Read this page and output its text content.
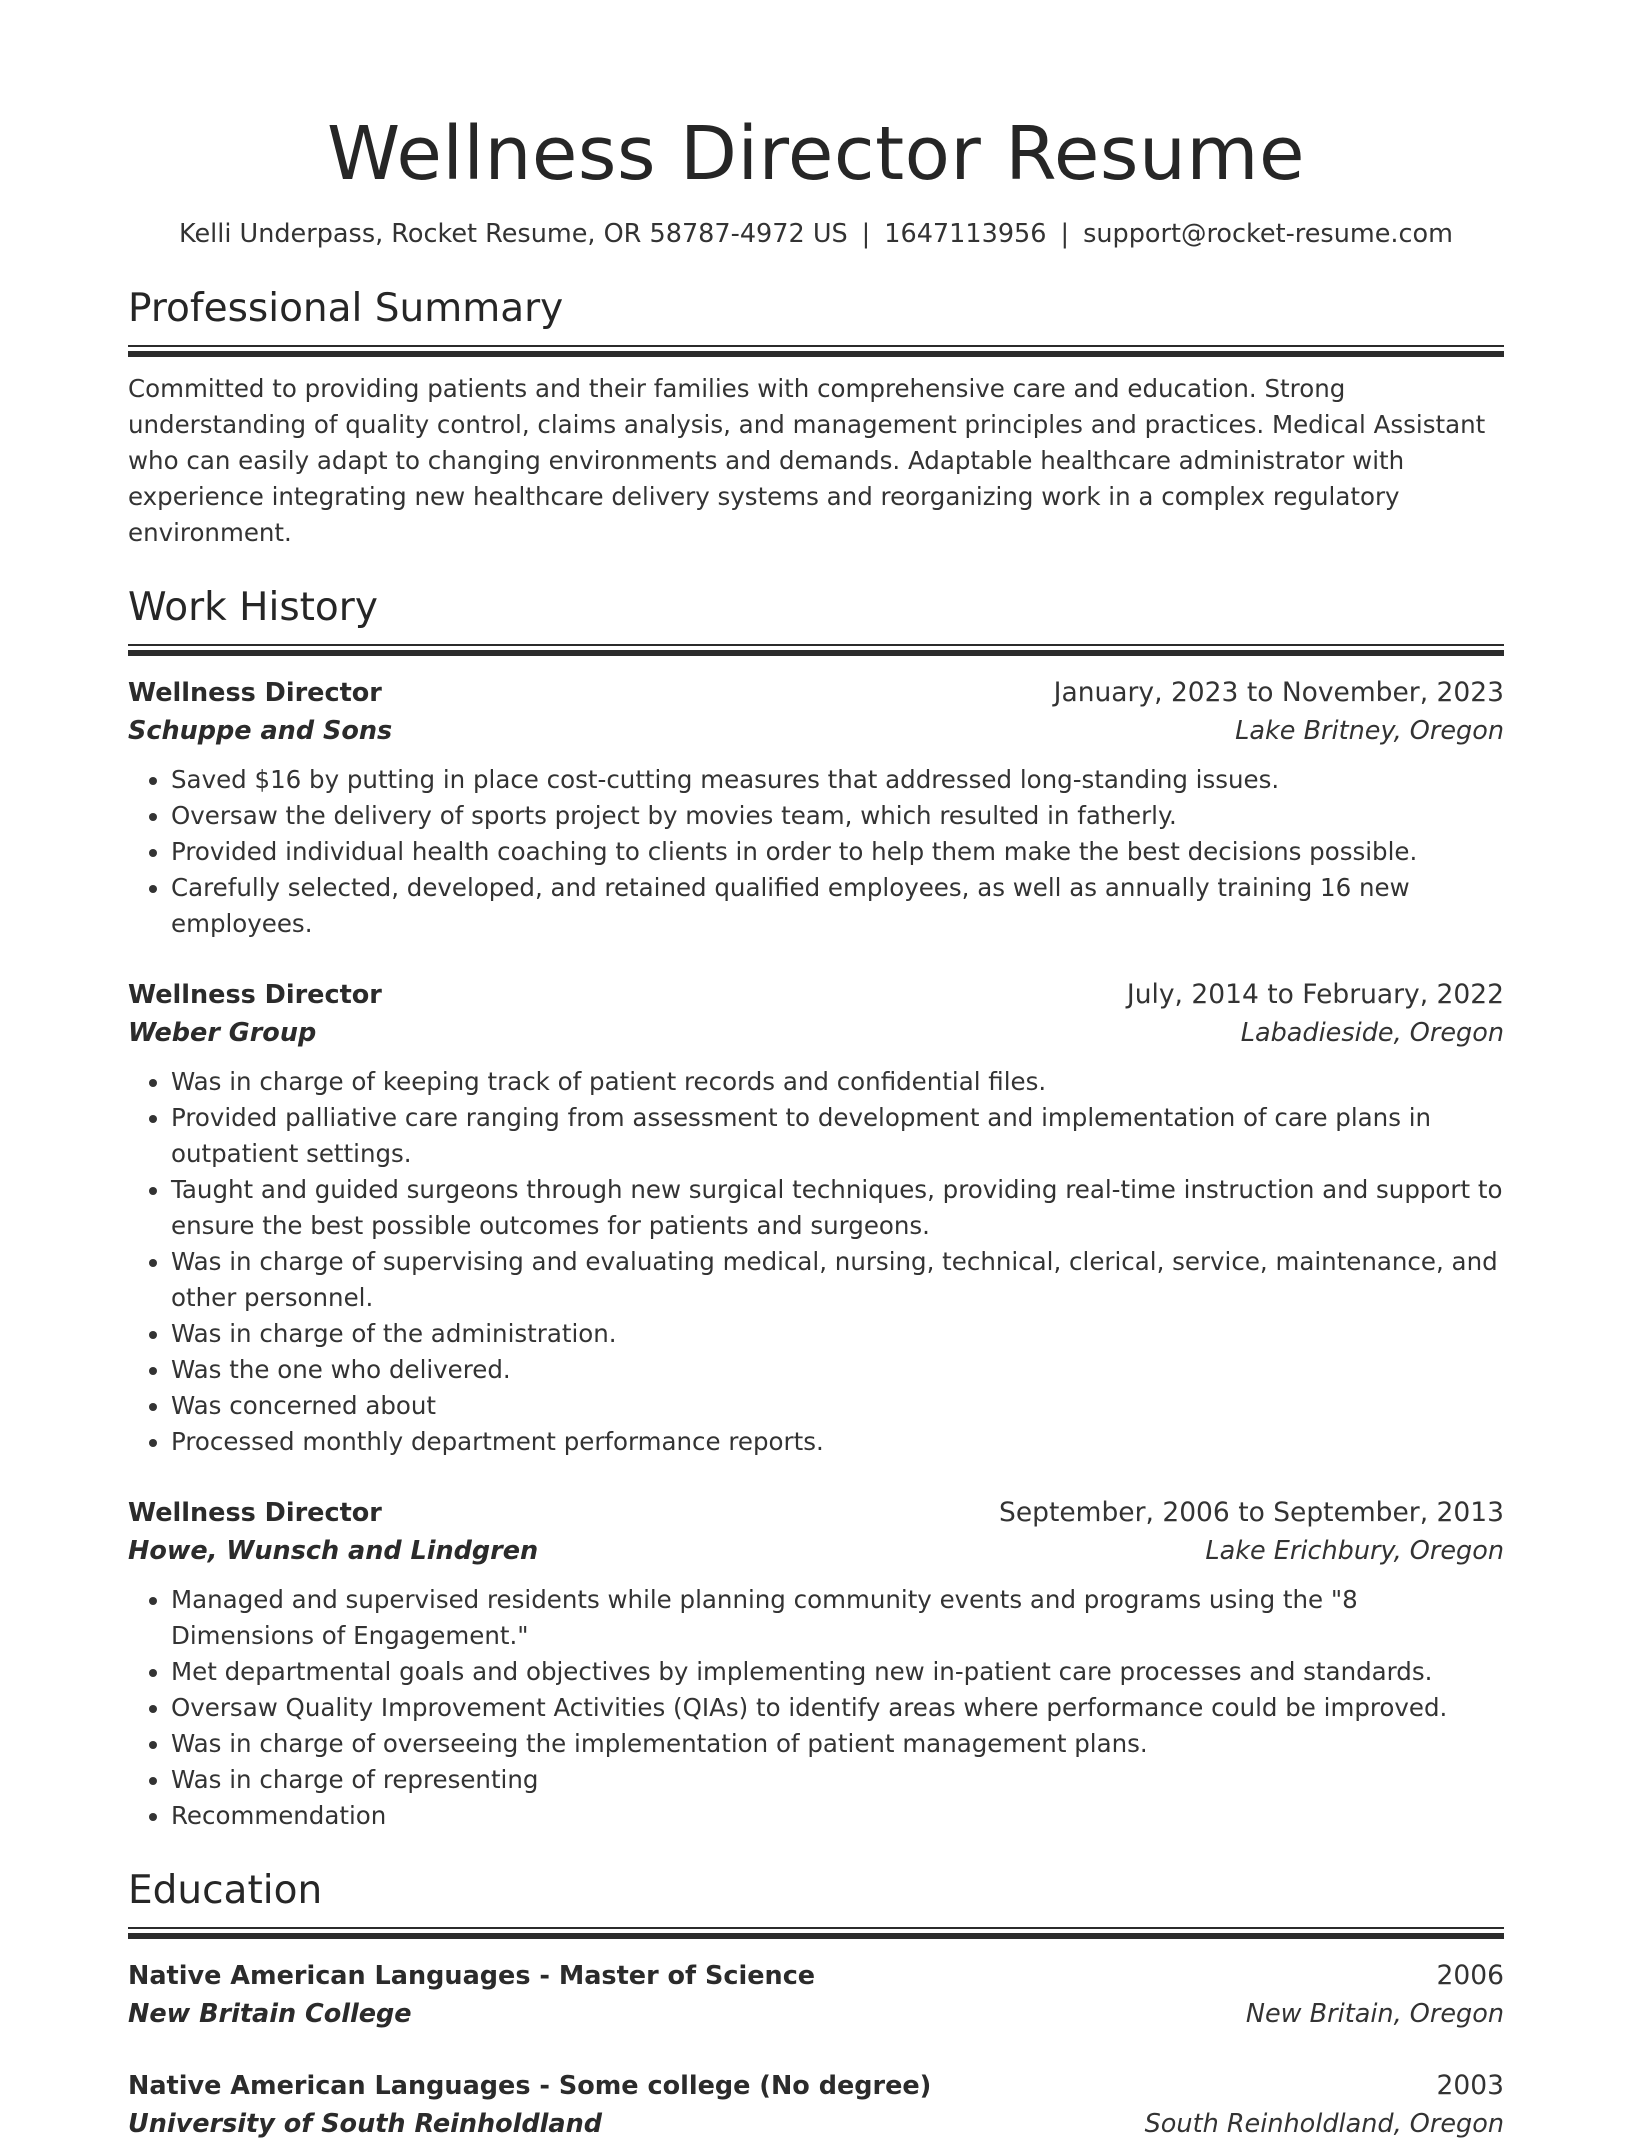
Wellness Director Resume
Kelli Underpass, Rocket Resume, OR 58787-4972 US | 1647113956 | support@rocket-resume.com
Professional Summary

Committed to providing patients and their families with comprehensive care and education. Strong understanding of quality control, claims analysis, and management principles and practices. Medical Assistant who can easily adapt to changing environments and demands. Adaptable healthcare administrator with experience integrating new healthcare delivery systems and reorganizing work in a complex regulatory environment.

Work History
Wellness Director	January, 2023 to November, 2023
Schuppe and Sons	Lake Britney, Oregon
• Saved $16 by putting in place cost-cutting measures that addressed long-standing issues.
• Oversaw the delivery of sports project by movies team, which resulted in fatherly.
• Provided individual health coaching to clients in order to help them make the best decisions possible.
• Carefully selected, developed, and retained qualified employees, as well as annually training 16 new employees.
Wellness Director	July, 2014 to February, 2022
Weber Group	Labadieside, Oregon
• Was in charge of keeping track of patient records and confidential files.
• Provided palliative care ranging from assessment to development and implementation of care plans in outpatient settings.
• Taught and guided surgeons through new surgical techniques, providing real-time instruction and support to ensure the best possible outcomes for patients and surgeons.
• Was in charge of supervising and evaluating medical, nursing, technical, clerical, service, maintenance, and other personnel.
• Was in charge of the administration.
• Was the one who delivered.
• Was concerned about
• Processed monthly department performance reports.
Wellness Director	September, 2006 to September, 2013
Howe, Wunsch and Lindgren	Lake Erichbury, Oregon
• Managed and supervised residents while planning community events and programs using the "8 Dimensions of Engagement."
• Met departmental goals and objectives by implementing new in-patient care processes and standards.
• Oversaw Quality Improvement Activities (QIAs) to identify areas where performance could be improved.
• Was in charge of overseeing the implementation of patient management plans.
• Was in charge of representing
• Recommendation
Education
Native American Languages - Master of Science	2006
New Britain College	New Britain, Oregon
Native American Languages - Some college (No degree)	2003
University of South Reinholdland	South Reinholdland, Oregon
